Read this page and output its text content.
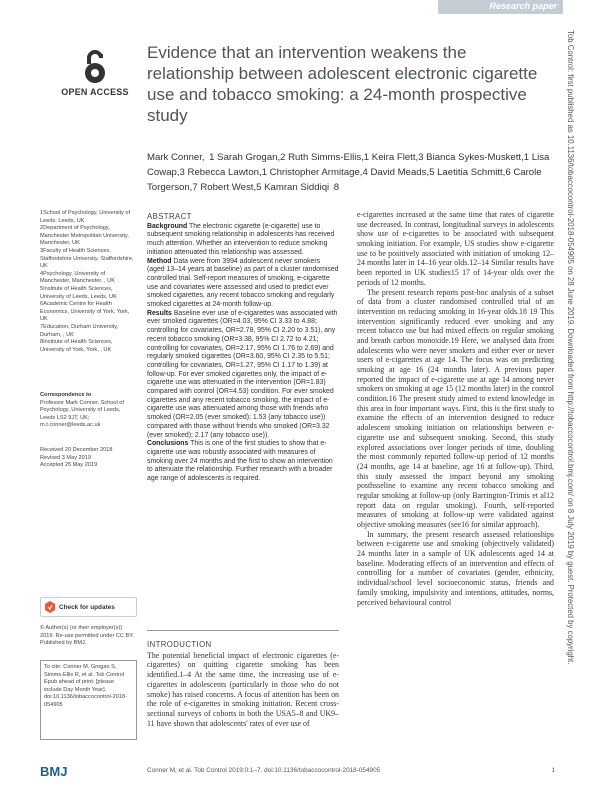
Research paper
OPEN ACCESS
Evidence that an intervention weakens the relationship between adolescent electronic cigarette use and tobacco smoking: a 24-month prospective study
Mark Conner,  1 Sarah Grogan,2 Ruth Simms-Ellis,1 Keira Flett,3 Bianca Sykes-Muskett,1 Lisa Cowap,3 Rebecca Lawton,1 Christopher Armitage,4 David Meads,5 Laetitia Schmitt,6 Carole Torgerson,7 Robert West,5 Kamran Siddiqi  8
1School of Psychology, University of Leeds, Leeds, UK
2Department of Psychology, Manchester Metropolitan University, Manchester, UK
3Faculty of Health Sciences, Staffordshire University, Staffordshire, UK
4Psychology, University of Manchester, Manchester, , UK
5Institute of Health Sciences, University of Leeds, Leeds, UK
6Academic Centre for Health Economics, University of York, York, UK
7Education, Durham University, Durham, , UK
8Institute of Health Sciences, University of York, York, , UK
Correspondence to
Professor Mark Conner, School of Psychology, University of Leeds, Leeds LS2 9JT, UK; m.t.conner@leeds.ac.uk
Received 20 December 2018
Revised 3 May 2019
Accepted 25 May 2019
Check for updates
© Author(s) (or their employer(s)) 2019. Re-use permitted under CC BY. Published by BMJ.
To cite: Conner M, Grogan S, Simms-Ellis R, et al. Tob Control Epub ahead of print: [please include Day Month Year]. doi:10.1136/tobaccocontrol-2018-054905
ABSTRACT

Background The electronic cigarette (e-cigarette) use to subsequent smoking relationship in adolescents has received much attention. Whether an intervention to reduce smoking initiation attenuated this relationship was assessed.

Method Data were from 3994 adolescent never smokers (aged 13–14 years at baseline) as part of a cluster randomised controlled trial. Self-report measures of smoking, e-cigarette use and covariates were assessed and used to predict ever smoked cigarettes, any recent tobacco smoking and regularly smoked cigarettes at 24-month follow-up.

Results Baseline ever use of e-cigarettes was associated with ever smoked cigarettes (OR=4.03, 95% CI 3.33 to 4.88; controlling for covariates, OR=2.78, 95% CI 2.20 to 3.51), any recent tobacco smoking (OR=3.38, 95% CI 2.72 to 4.21; controlling for covariates, OR=2.17, 95% CI 1.76 to 2.69) and regularly smoked cigarettes (OR=3.60, 95% CI 2.35 to 5.51; controlling for covariates, OR=1.27, 95% CI 1.17 to 1.39) at follow-up. For ever smoked cigarettes only, the impact of e-cigarette use was attenuated in the intervention (OR=1.83) compared with control (OR=4.53) condition. For ever smoked cigarettes and any recent tobacco smoking, the impact of e-cigarette use was attenuated among those with friends who smoked (OR=2.05 (ever smoked); 1.53 (any tobacco use)) compared with those without friends who smoked (OR=3.32 (ever smoked); 2.17 (any tobacco use)).

Conclusions This is one of the first studies to show that e-cigarette use was robustly associated with measures of smoking over 24 months and the first to show an intervention to attenuate the relationship. Further research with a broader age range of adolescents is required.

INTRODUCTION

The potential beneficial impact of electronic cigarettes (e-cigarettes) on quitting cigarette smoking has been identified.1–4 At the same time, the increasing use of e-cigarettes in adolescents (particularly in those who do not smoke) has raised concerns. A focus of attention has been on the role of e-cigarettes in smoking initiation. Recent cross-sectional surveys of cohorts in both the USA5–8 and UK9–11 have shown that adolescents' rates of ever use of

e-cigarettes increased at the same time that rates of cigarette use decreased. In contrast, longitudinal surveys in adolescents show use of e-cigarettes to be associated with subsequent smoking initiation. For example, US studies show e-cigarette use to be positively associated with initiation of smoking 12–24 months later in 14–16 year olds.12–14 Similar results have been reported in UK studies15 17 of 14-year olds over the periods of 12 months.

The present research reports post-hoc analysis of a subset of data from a cluster randomised controlled trial of an intervention on reducing smoking in 16-year olds.18 19 This intervention significantly reduced ever smoking and any recent tobacco use but had mixed effects on regular smoking and breath carbon monoxide.19 Here, we analysed data from adolescents who were never smokers and either ever or never users of e-cigarettes at age 14. The focus was on predicting smoking at age 16 (24 months later). A previous paper reported the impact of e-cigarette use at age 14 among never smokers on smoking at age 15 (12 months later) in the control condition.16 The present study aimed to extend knowledge in this area in four important ways. First, this is the first study to examine the effects of an intervention designed to reduce adolescent smoking initiation on relationships between e-cigarette use and subsequent smoking. Second, this study explored associations over longer periods of time, doubling the most commonly reported follow-up period of 12 months (24 months, age 14 at baseline, age 16 at follow-up). Third, this study assessed the impact beyond any smoking posthsseline to examine any recent tobacco smoking and regular smoking at follow-up (only Barrington-Trimis et al12 report data on regular smoking). Fourth, self-reported measures of smoking at follow-up were validated against objective smoking measures (see16 for similar approach).

In summary, the present research assessed relationships between e-cigarette use and smoking (objectively validated) 24 months later in a sample of UK adolescents aged 14 at baseline. Moderating effects of an intervention and effects of controlling for a number of covariates (gender, ethnicity, individual/school level socioeconomic status, friends and family smoking, impulsivity and intentions, attitudes, norms, perceived behavioural control	Tob Control: first published as 10.1136/tobaccocontrol-2018-054905 on 28 June 2019. Downloaded from http://tobaccocontrol.bmj.com/ on 8 July 2019 by guest. Protected by copyright.
BMJ	Conner M, et al. Tob Control 2019;0:1–7. doi:10.1136/tobaccocontrol-2018-054905	1
